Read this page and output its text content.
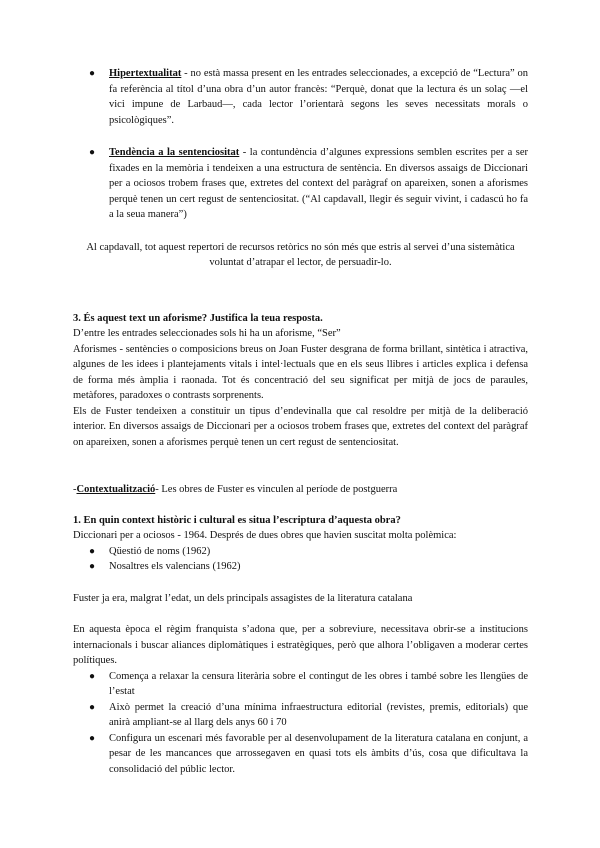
● Hipertextualitat - no està massa present en les entrades seleccionades, a excepció de “Lectura” on fa referència al títol d’una obra d’un autor francès: “Perquè, donat que la lectura és un solaç —el vici impune de Larbaud—, cada lector l’orientarà segons les seves necessitats morals o psicològiques”.
● Tendència a la sentenciositat - la contundència d’algunes expressions semblen escrites per a ser fixades en la memòria i tendeixen a una estructura de sentència. En diversos assaigs de Diccionari per a ociosos trobem frases que, extretes del context del paràgraf on apareixen, sonen a aforismes perquè tenen un cert regust de sentenciositat. (“Al capdavall, llegir és seguir vivint, i cadascú ho fa a la seua manera”)

Al capdavall, tot aquest repertori de recursos retòrics no són més que estris al servei d’una sistemàtica voluntat d’atrapar el lector, de persuadir-lo.

3. És aquest text un aforisme? Justifica la teua resposta.

D’entre les entrades seleccionades sols hi ha un aforisme, “Ser”

Aforismes - sentències o composicions breus on Joan Fuster desgrana de forma brillant, sintètica i atractiva, algunes de les idees i plantejaments vitals i intel·lectuals que en els seus llibres i articles explica i defensa de forma més àmplia i raonada. Tot és concentració del seu significat per mitjà de jocs de paraules, metàfores, paradoxes o contrasts sorprenents.

Els de Fuster tendeixen a constituir un tipus d’endevinalla que cal resoldre per mitjà de la deliberació interior. En diversos assaigs de Diccionari per a ociosos trobem frases que, extretes del context del paràgraf on apareixen, sonen a aforismes perquè tenen un cert regust de sentenciositat.

-Contextualització- Les obres de Fuster es vinculen al període de postguerra

1. En quin context històric i cultural es situa l’escriptura d’aquesta obra?

Diccionari per a ociosos - 1964. Després de dues obres que havien suscitat molta polèmica:

● Qüestió de noms (1962)
● Nosaltres els valencians (1962)

Fuster ja era, malgrat l’edat, un dels principals assagistes de la literatura catalana

En aquesta època el règim franquista s’adona que, per a sobreviure, necessitava obrir-se a institucions internacionals i buscar aliances diplomàtiques i estratègiques, però que alhora l’obligaven a moderar certes polítiques.

● Comença a relaxar la censura literària sobre el contingut de les obres i també sobre les llengües de l’estat
● Això permet la creació d’una mínima infraestructura editorial (revistes, premis, editorials) que anirà ampliant-se al llarg dels anys 60 i 70
● Configura un escenari més favorable per al desenvolupament de la literatura catalana en conjunt, a pesar de les mancances que arrossegaven en quasi tots els àmbits d’ús, cosa que dificultava la consolidació del públic lector.
